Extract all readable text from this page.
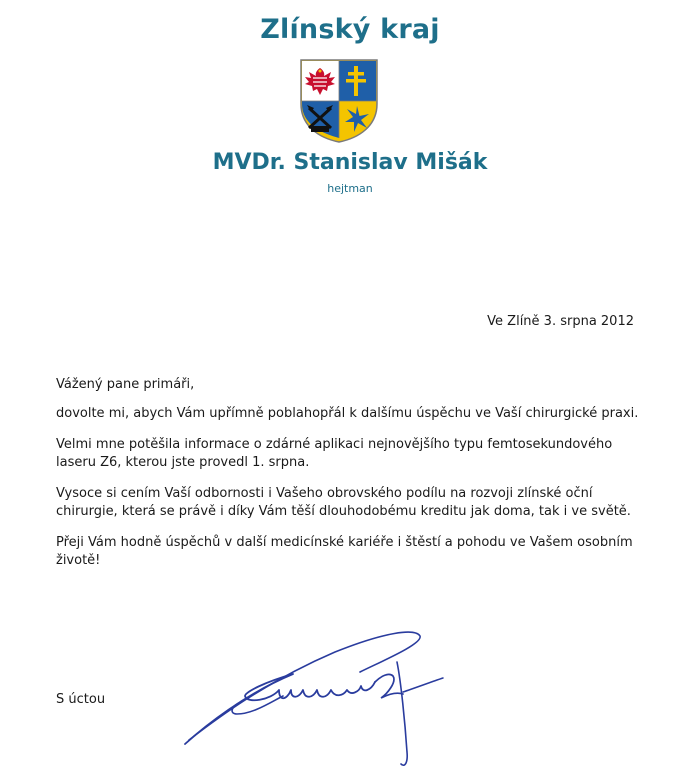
Zlínský kraj
MVDr. Stanislav Mišák
hejtman
Ve Zlíně 3. srpna 2012

Vážený pane primáři,

dovolte mi, abych Vám upřímně poblahopřál k dalšímu úspěchu ve Vaší chirurgické praxi.

Velmi mne potěšila informace o zdárné aplikaci nejnovějšího typu femtosekundového laseru Z6, kterou jste provedl 1. srpna.

Vysoce si cením Vaší odbornosti i Vašeho obrovského podílu na rozvoji zlínské oční chirurgie, která se právě i díky Vám těší dlouhodobému kreditu jak doma, tak i ve světě.

Přeji Vám hodně úspěchů v další medicínské kariéře i štěstí a pohodu ve Vašem osobním životě!

S úctou
